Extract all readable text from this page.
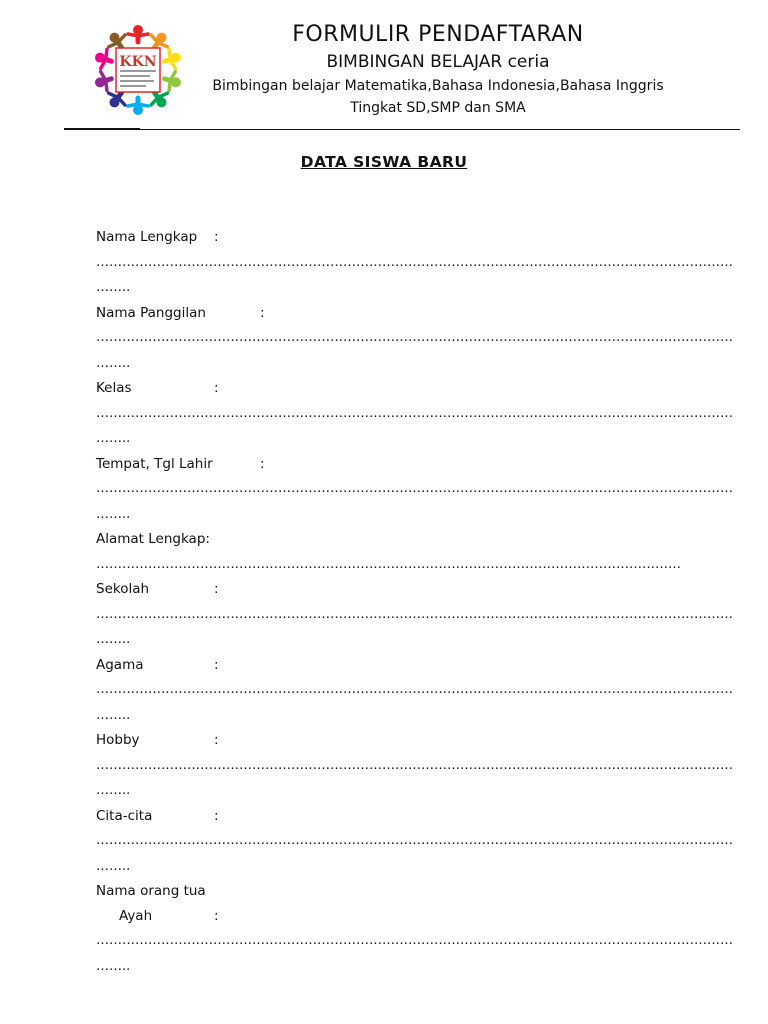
KKN
FORMULIR PENDAFTARAN
BIMBINGAN BELAJAR ceria
Bimbingan belajar Matematika,Bahasa Indonesia,Bahasa Inggris
Tingkat SD,SMP dan SMA
DATA SISWA BARU
Nama Lengkap :
…………………………………………………………………………………………………………………………………
……..
Nama Panggilan	:
…………………………………………………………………………………………………………………………………
……..
Kelas	:
…………………………………………………………………………………………………………………………………
……..
Tempat, Tgl Lahir	:
…………………………………………………………………………………………………………………………………
……..
Alamat Lengkap:
………………………………………………………………………………………………………………………
Sekolah	:
…………………………………………………………………………………………………………………………………
……..
Agama	:
…………………………………………………………………………………………………………………………………
……..
Hobby	:
…………………………………………………………………………………………………………………………………
……..
Cita-cita	:
…………………………………………………………………………………………………………………………………
……..
Nama orang tua
Ayah	:
…………………………………………………………………………………………………………………………………
……..
